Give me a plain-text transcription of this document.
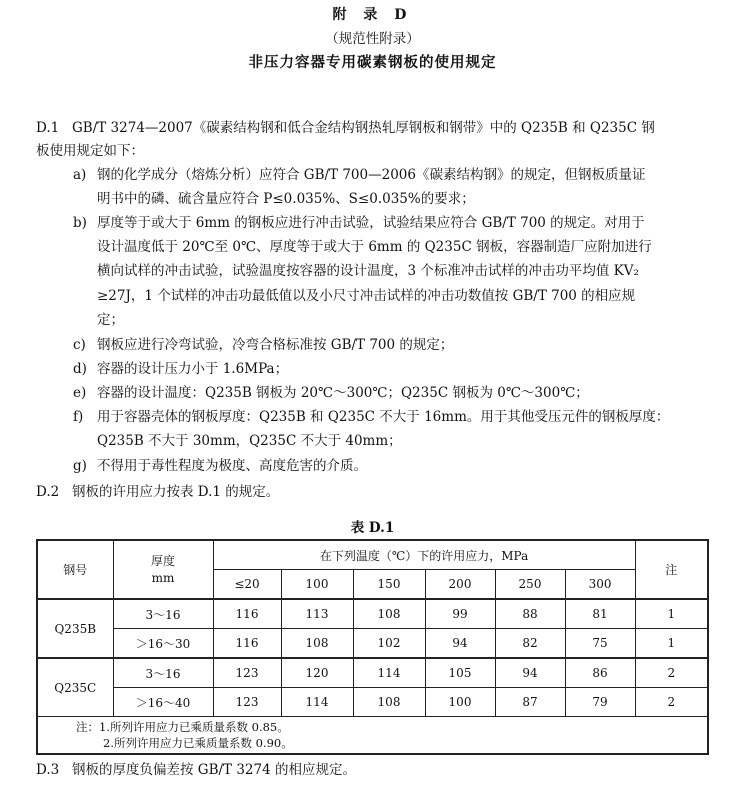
附 录 D
（规范性附录）
非压力容器专用碳素钢板的使用规定
D.1 GB/T 3274—2007《碳素结构钢和低合金结构钢热轧厚钢板和钢带》中的 Q235B 和 Q235C 钢
板使用规定如下：
a) 钢的化学成分（熔炼分析）应符合 GB/T 700—2006《碳素结构钢》的规定，但钢板质量证
明书中的磷、硫含量应符合 P≤0.035%、S≤0.035%的要求；
b) 厚度等于或大于 6mm 的钢板应进行冲击试验，试验结果应符合 GB/T 700 的规定。对用于
设计温度低于 20℃至 0℃、厚度等于或大于 6mm 的 Q235C 钢板，容器制造厂应附加进行
横向试样的冲击试验，试验温度按容器的设计温度，3 个标准冲击试样的冲击功平均值 KV₂
≥27J，1 个试样的冲击功最低值以及小尺寸冲击试样的冲击功数值按 GB/T 700 的相应规
定；
c) 钢板应进行冷弯试验，冷弯合格标准按 GB/T 700 的规定；
d) 容器的设计压力小于 1.6MPa；
e) 容器的设计温度：Q235B 钢板为 20℃～300℃；Q235C 钢板为 0℃～300℃；
f) 用于容器壳体的钢板厚度：Q235B 和 Q235C 不大于 16mm。用于其他受压元件的钢板厚度：
Q235B 不大于 30mm，Q235C 不大于 40mm；
g) 不得用于毒性程度为极度、高度危害的介质。
D.2 钢板的许用应力按表 D.1 的规定。
表 D.1
钢号	厚度
mm	在下列温度（℃）下的许用应力，MPa						注
		≤20	100	150	200	250	300	
Q235B	3～16	116	113	108	99	88	81	1
	＞16～30	116	108	102	94	82	75	1
Q235C	3～16	123	120	114	105	94	86	2
	＞16～40	123	114	108	100	87	79	2
注：1.所列许用应力已乘质量系数 0.85。
2.所列许用应力已乘质量系数 0.90。								
D.3 钢板的厚度负偏差按 GB/T 3274 的相应规定。
